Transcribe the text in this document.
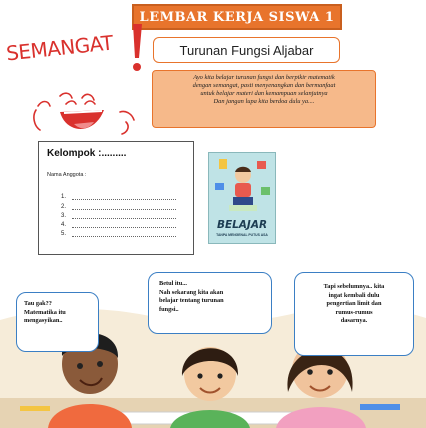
LEMBAR KERJA SISWA 1
SEMANGAT	Turunan Fungsi Aljabar
Ayo kita belajar turunan fungsi dan berpikir matematik
dengan semangat, pasti menyenangkan dan bermanfaat
untuk belajar materi dan kemampuan selanjutnya
Dan jangan lupa kita berdoa dulu ya....
Kelompok :.........
Nama Anggota :
1.
2.
3.
4.
5.
BELAJAR
TANPA MENGENAL PUTUS ASA
Tau gak??
Matematika itu
mengasyikan..
Betul itu...
Nah sekarang kita akan
belajar tentang turunan
fungsi..
Tapi sebelumnya.. kita
ingat kembali dulu
pengertian limit dan
rumus-rumus
dasarnya.
